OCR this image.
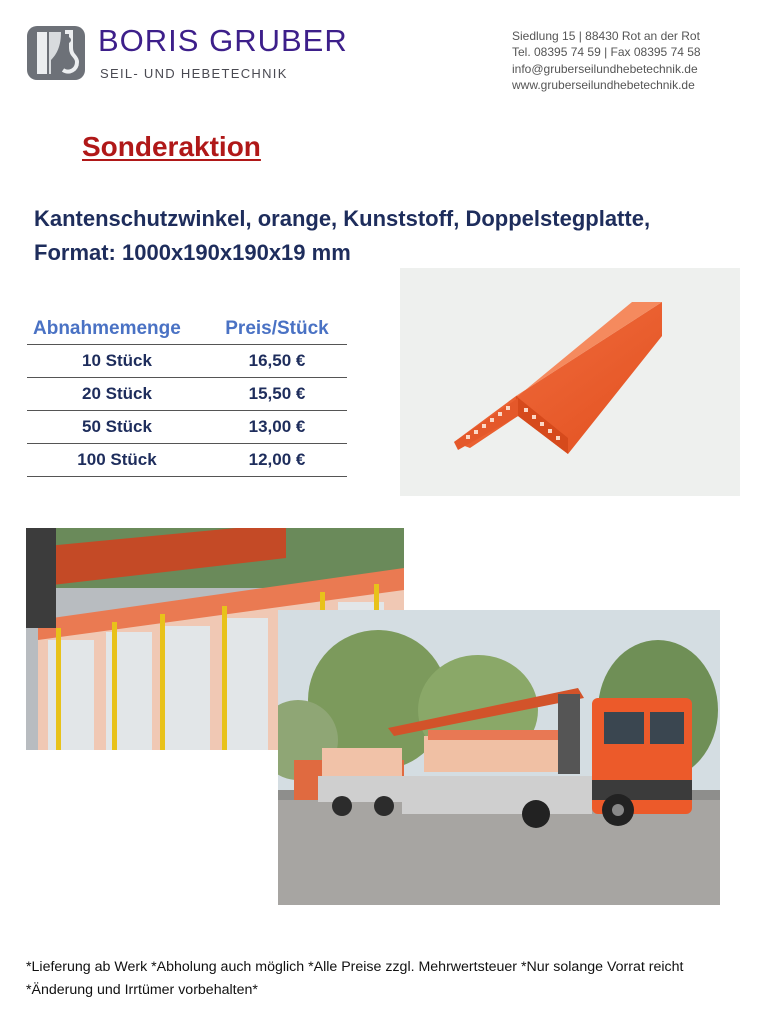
BORIS GRUBER
SEIL- UND HEBETECHNIK
Siedlung 15 | 88430 Rot an der Rot
Tel. 08395 74 59 | Fax 08395 74 58
info@gruberseilundhebetechnik.de
www.gruberseilundhebetechnik.de
Sonderaktion
Kantenschutzwinkel, orange, Kunststoff, Doppelstegplatte,
Format: 1000x190x190x19 mm
Abnahmemenge	Preis/Stück
10 Stück	16,50 €
20 Stück	15,50 €
50 Stück	13,00 €
100 Stück	12,00 €
*Lieferung ab Werk *Abholung auch möglich *Alle Preise zzgl. Mehrwertsteuer *Nur solange Vorrat reicht
*Änderung und Irrtümer vorbehalten*
